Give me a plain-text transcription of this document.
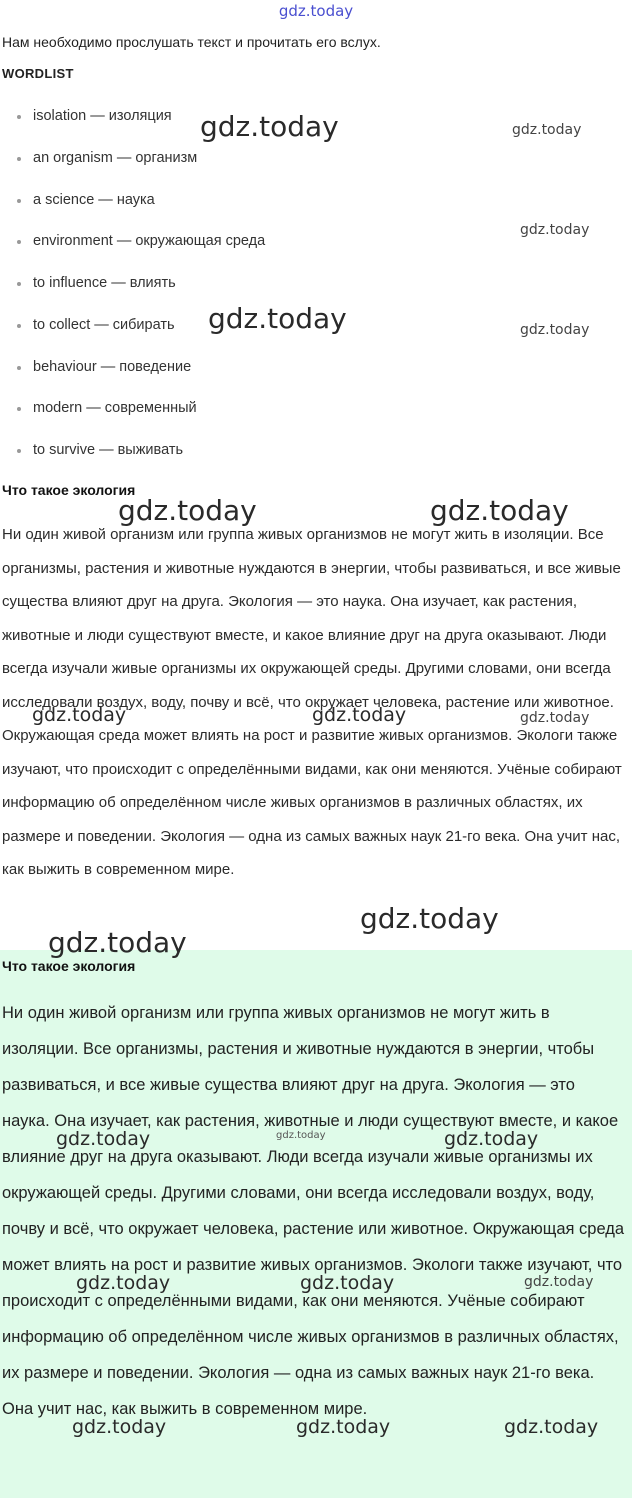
gdz.today
Нам необходимо прослушать текст и прочитать его вслух.
WORDLIST
isolation — изоляция
an organism — организм
a science — наука
environment — окружающая среда
to influence — влиять
to collect — сибирать
behaviour — поведение
modern — современный
to survive — выживать
Что такое экология

Ни один живой организм или группа живых организмов не могут жить в изоляции. Все организмы, растения и животные нуждаются в энергии, чтобы развиваться, и все живые существа влияют друг на друга. Экология — это наука. Она изучает, как растения, животные и люди существуют вместе, и какое влияние друг на друга оказывают. Люди всегда изучали живые организмы их окружающей среды. Другими словами, они всегда исследовали воздух, воду, почву и всё, что окружает человека, растение или животное. Окружающая среда может влиять на рост и развитие живых организмов. Экологи также изучают, что происходит с определёнными видами, как они меняются. Учёные собирают информацию об определённом числе живых организмов в различных областях, их размере и поведении. Экология — одна из самых важных наук 21-го века. Она учит нас, как выжить в современном мире.

Что такое экология

Ни один живой организм или группа живых организмов не могут жить в изоляции. Все организмы, растения и животные нуждаются в энергии, чтобы развиваться, и все живые существа влияют друг на друга. Экология — это наука. Она изучает, как растения, животные и люди существуют вместе, и какое влияние друг на друга оказывают. Люди всегда изучали живые организмы их окружающей среды. Другими словами, они всегда исследовали воздух, воду, почву и всё, что окружает человека, растение или животное. Окружающая среда может влиять на рост и развитие живых организмов. Экологи также изучают, что происходит с определёнными видами, как они меняются. Учёные собирают информацию об определённом числе живых организмов в различных областях, их размере и поведении. Экология — одна из самых важных наук 21-го века. Она учит нас, как выжить в современном мире.

gdz.today	gdz.today
gdz.today
gdz.today	gdz.today
gdz.today	gdz.today
gdz.today	gdz.today	gdz.today
gdz.today
gdz.today
gdz.today	gdz.today	gdz.today
gdz.today	gdz.today	gdz.today
gdz.today	gdz.today	gdz.today
